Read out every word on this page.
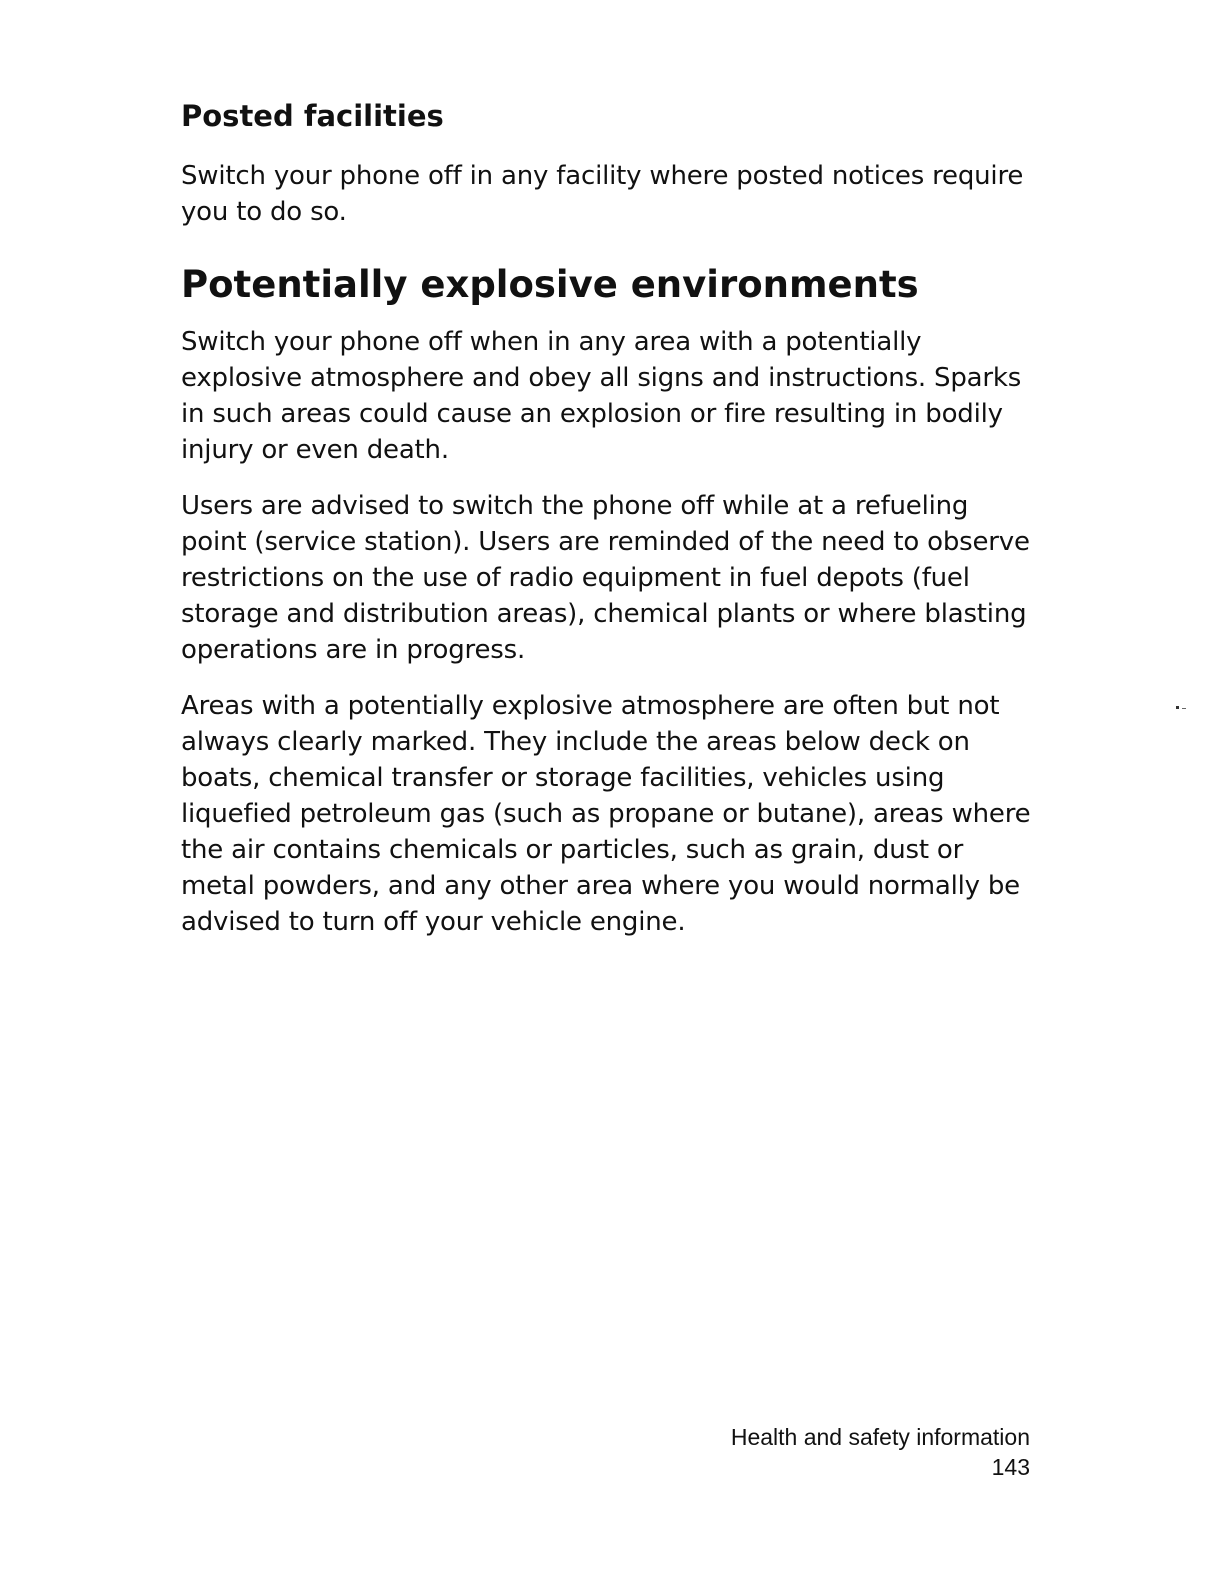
Posted facilities

Switch your phone off in any facility where posted notices require you to do so.

Potentially explosive environments

Switch your phone off when in any area with a potentially explosive atmosphere and obey all signs and instructions. Sparks in such areas could cause an explosion or fire resulting in bodily injury or even death.

Users are advised to switch the phone off while at a refueling point (service station). Users are reminded of the need to observe restrictions on the use of radio equipment in fuel depots (fuel storage and distribution areas), chemical plants or where blasting operations are in progress.

Areas with a potentially explosive atmosphere are often but not always clearly marked. They include the areas below deck on boats, chemical transfer or storage facilities, vehicles using liquefied petroleum gas (such as propane or butane), areas where the air contains chemicals or particles, such as grain, dust or metal powders, and any other area where you would normally be advised to turn off your vehicle engine.

Health and safety information
143
